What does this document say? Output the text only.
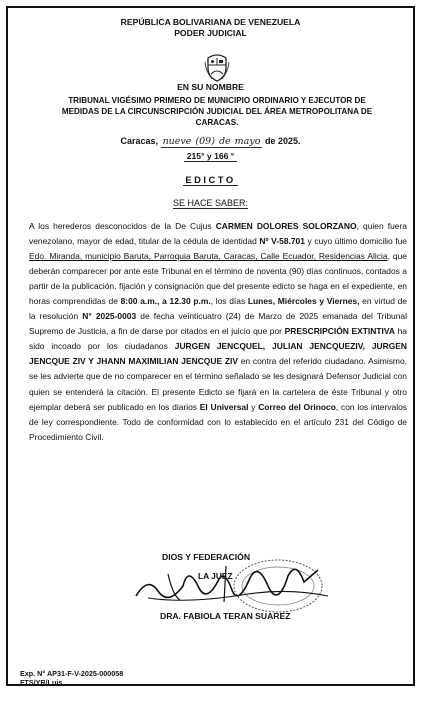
REPÚBLICA BOLIVARIANA DE VENEZUELA
PODER JUDICIAL
EN SU NOMBRE
TRIBUNAL VIGÉSIMO PRIMERO DE MUNICIPIO ORDINARIO Y EJECUTOR DE
MEDIDAS DE LA CIRCUNSCRIPCIÓN JUDICIAL DEL ÁREA METROPOLITANA DE
CARACAS.
Caracas, nueve (09) de mayo de 2025.
215° y 166 °
EDICTO
SE HACE SABER:
A los herederos desconocidos de la De Cujus CARMEN DOLORES SOLORZANO, quien fuera venezolano, mayor de edad, titular de la cédula de identidad Nº V-58.701 y cuyo último domicilio fue Edo. Miranda, municipio Baruta, Parroquia Baruta, Caracas, Calle Ecuador, Residencias Alicia, que deberán comparecer por ante este Tribunal en el término de noventa (90) días continuos, contados a partir de la publicación, fijación y consignación que del presente edicto se haga en el expediente, en horas comprendidas de 8:00 a.m., a 12.30 p.m., los días Lunes, Miércoles y Viernes, en virtud de la resolución N° 2025-0003 de fecha veinticuatro (24) de Marzo de 2025 emanada del Tribunal Supremo de Justicia, a fin de darse por citados en el juicio que por PRESCRIPCIÓN EXTINTIVA ha sido incoado por los ciudadanos JURGEN JENCQUEL, JULIAN JENCQUEZIV, JURGEN JENCQUE ZIV Y JHANN MAXIMILIAN JENCQUE ZIV en contra del referido ciudadano. Asimismo, se les advierte que de no comparecer en el término señalado se les designará Defensor Judicial con quien se entenderá la citación. El presente Edicto se fijará en la cartelera de éste Tribunal y otro ejemplar deberá ser publicado en los diarios El Universal y Correo del Orinoco, con los intervalos de ley correspondiente. Todo de conformidad con lo establecido en el artículo 231 del Código de Procedimiento Civil.
DIOS Y FEDERACIÓN
LA JUEZ
DRA. FABIOLA TERAN SUAREZ
Exp. N° AP31-F-V-2025-000058
FTS/YR/Luis
